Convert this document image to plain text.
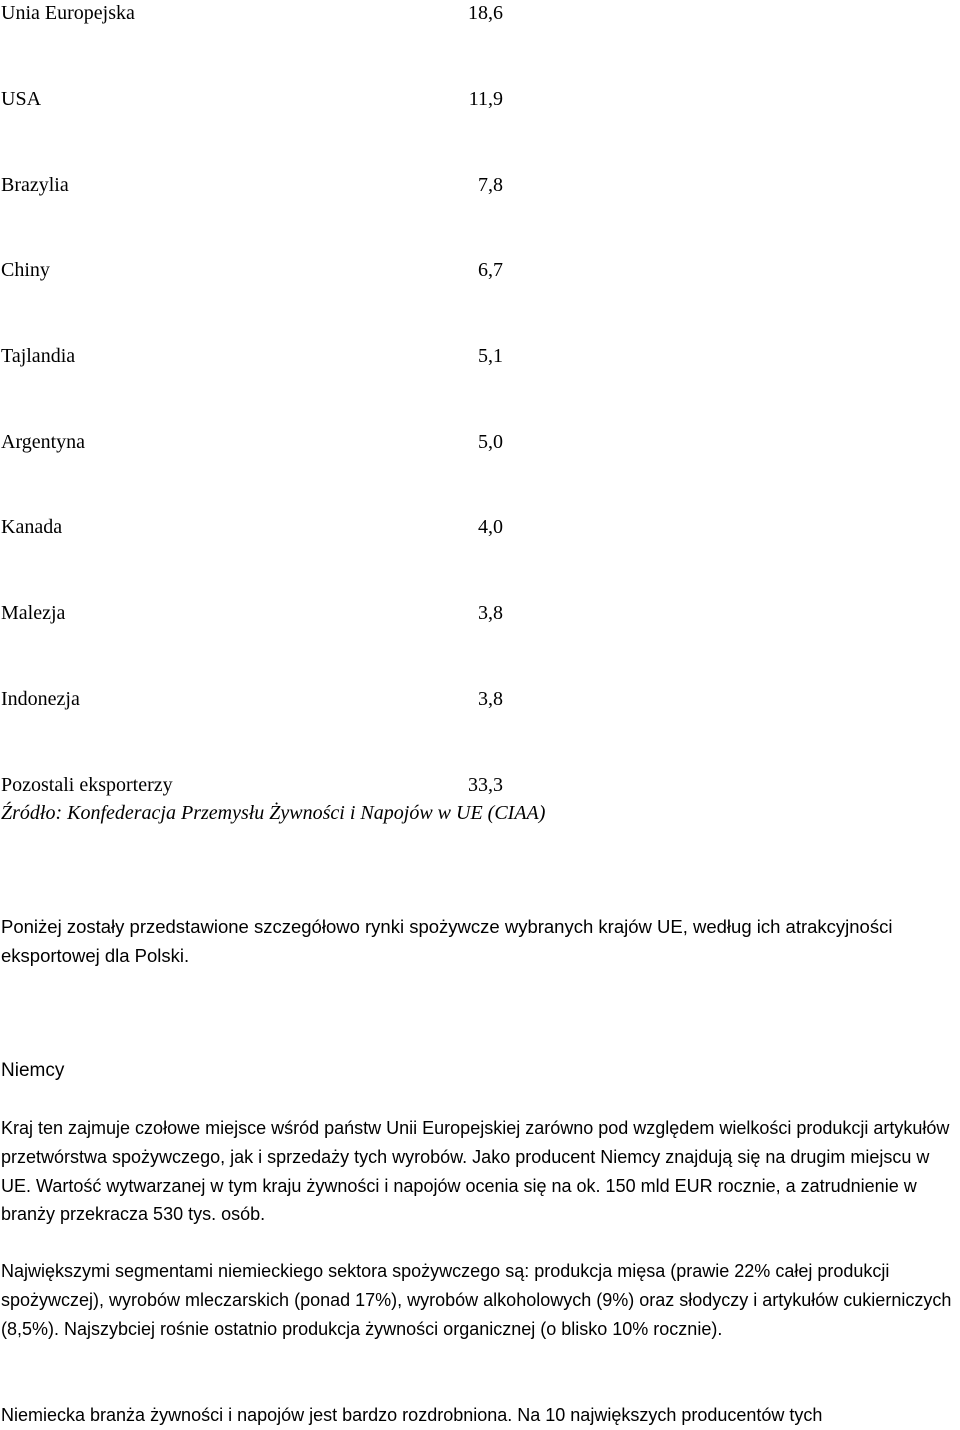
Unia Europejska	18,6
USA	11,9
Brazylia	7,8
Chiny	6,7
Tajlandia	5,1
Argentyna	5,0
Kanada	4,0
Malezja	3,8
Indonezja	3,8
Pozostali eksporterzy	33,3
Źródło: Konfederacja Przemysłu Żywności i Napojów w UE (CIAA)

Poniżej zostały przedstawione szczegółowo rynki spożywcze wybranych krajów UE, według ich atrakcyjności eksportowej dla Polski.

Niemcy

Kraj ten zajmuje czołowe miejsce wśród państw Unii Europejskiej zarówno pod względem wielkości produkcji artykułów przetwórstwa spożywczego, jak i sprzedaży tych wyrobów. Jako producent Niemcy znajdują się na drugim miejscu w UE. Wartość wytwarzanej w tym kraju żywności i napojów ocenia się na ok. 150 mld EUR rocznie, a zatrudnienie w branży przekracza 530 tys. osób.

Największymi segmentami niemieckiego sektora spożywczego są: produkcja mięsa (prawie 22% całej produkcji spożywczej), wyrobów mleczarskich (ponad 17%), wyrobów alkoholowych (9%) oraz słodyczy i artykułów cukierniczych (8,5%). Najszybciej rośnie ostatnio produkcja żywności organicznej (o blisko 10% rocznie).

Niemiecka branża żywności i napojów jest bardzo rozdrobniona. Na 10 największych producentów tych
